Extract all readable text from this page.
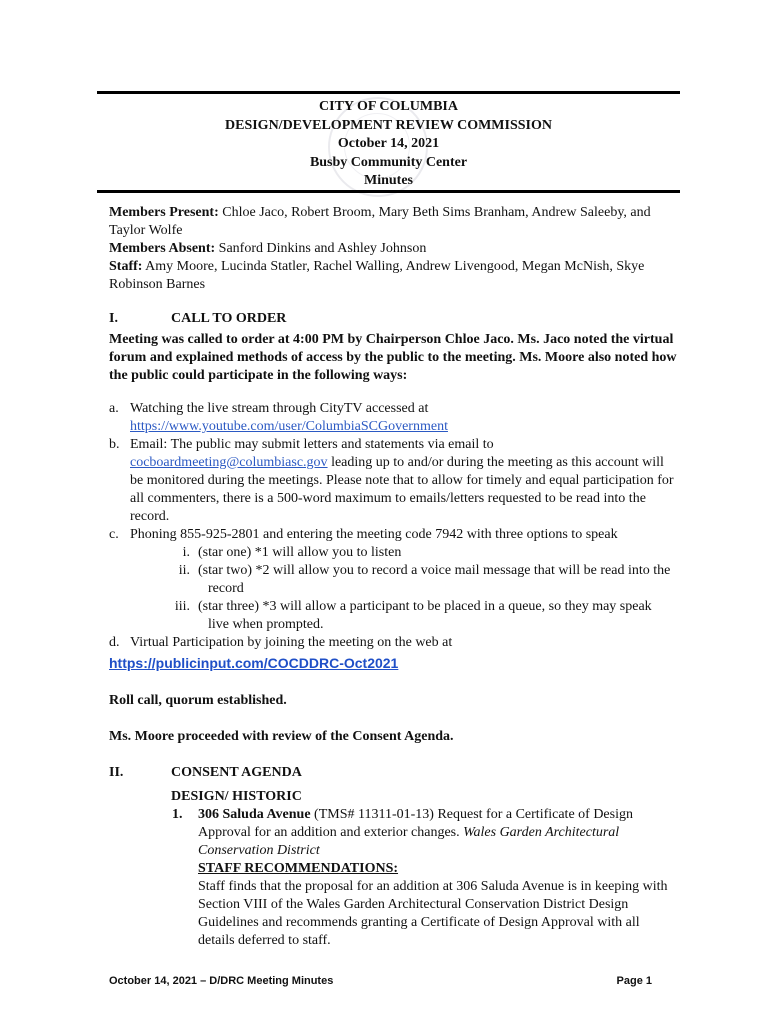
CITY OF COLUMBIA
DESIGN/DEVELOPMENT REVIEW COMMISSION
October 14, 2021
Busby Community Center
Minutes

Members Present: Chloe Jaco, Robert Broom, Mary Beth Sims Branham, Andrew Saleeby, and Taylor Wolfe

Members Absent: Sanford Dinkins and Ashley Johnson

Staff: Amy Moore, Lucinda Statler, Rachel Walling, Andrew Livengood, Megan McNish, Skye Robinson Barnes

I.	CALL TO ORDER

Meeting was called to order at 4:00 PM by Chairperson Chloe Jaco. Ms. Jaco noted the virtual forum and explained methods of access by the public to the meeting. Ms. Moore also noted how the public could participate in the following ways:

a. Watching the live stream through CityTV accessed at
https://www.youtube.com/user/ColumbiaSCGovernment
b. Email: The public may submit letters and statements via email to
cocboardmeeting@columbiasc.gov leading up to and/or during the meeting as this account will be monitored during the meetings. Please note that to allow for timely and equal participation for all commenters, there is a 500-word maximum to emails/letters requested to be read into the record.
c. Phoning 855-925-2801 and entering the meeting code 7942 with three options to speak
i. (star one) *1 will allow you to listen
ii. (star two) *2 will allow you to record a voice mail message that will be read into the
record
iii. (star three) *3 will allow a participant to be placed in a queue, so they may speak
live when prompted.
d. Virtual Participation by joining the meeting on the web at
https://publicinput.com/COCDDRC-Oct2021

Roll call, quorum established.

Ms. Moore proceeded with review of the Consent Agenda.

II.	CONSENT AGENDA
DESIGN/ HISTORIC
1.	306 Saluda Avenue (TMS# 11311-01-13) Request for a Certificate of Design Approval for an addition and exterior changes. Wales Garden Architectural Conservation District
STAFF RECOMMENDATIONS:
Staff finds that the proposal for an addition at 306 Saluda Avenue is in keeping with Section VIII of the Wales Garden Architectural Conservation District Design Guidelines and recommends granting a Certificate of Design Approval with all details deferred to staff.
October 14, 2021 – D/DRC Meeting Minutes	Page 1
